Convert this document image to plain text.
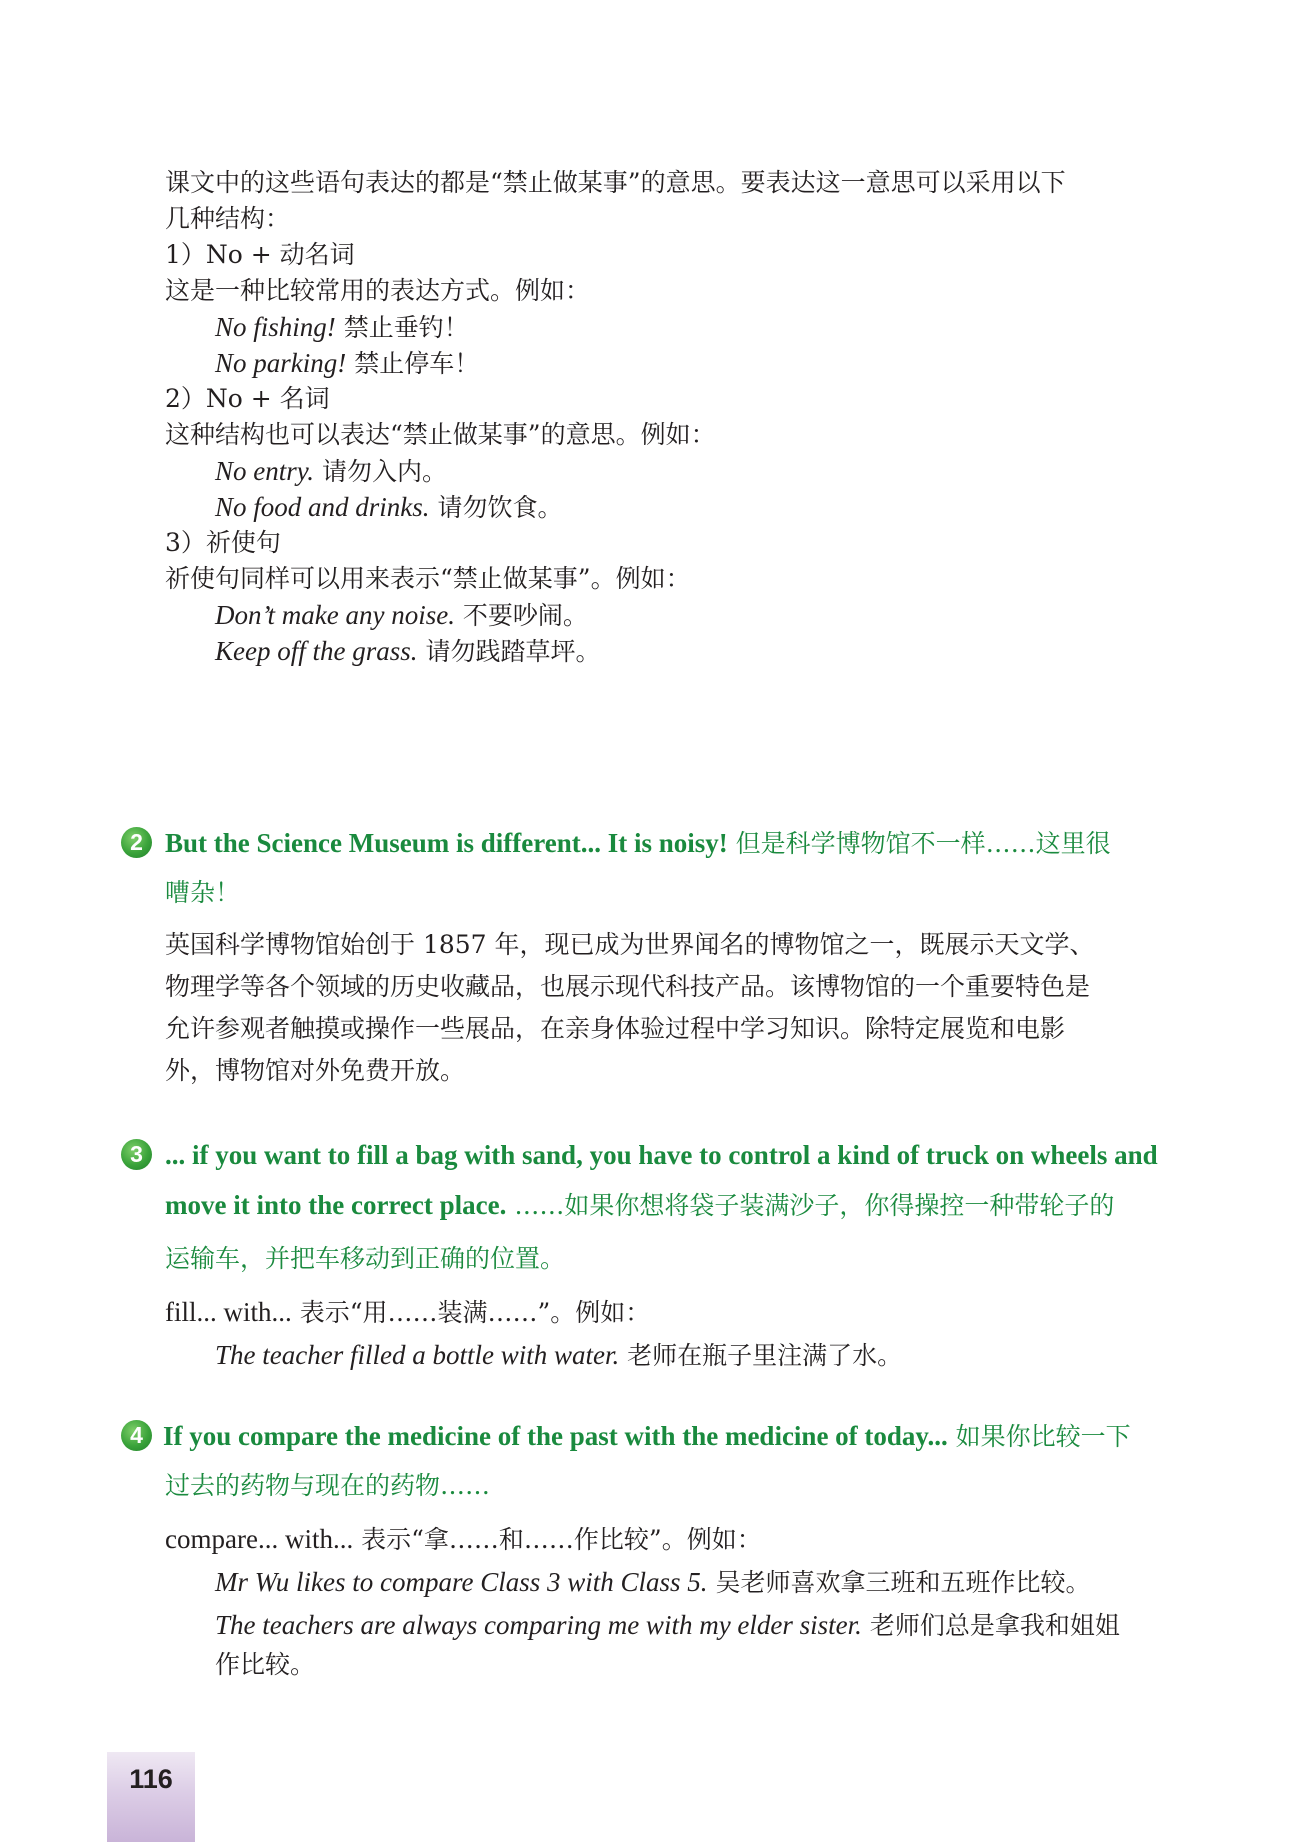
课文中的这些语句表达的都是“禁止做某事”的意思。要表达这一意思可以采用以下
几种结构：
1）No + 动名词
这是一种比较常用的表达方式。例如：
No fishing! 禁止垂钓！
No parking! 禁止停车！
2）No + 名词
这种结构也可以表达“禁止做某事”的意思。例如：
No entry. 请勿入内。
No food and drinks. 请勿饮食。
3）祈使句
祈使句同样可以用来表示“禁止做某事”。例如：
Don’t make any noise. 不要吵闹。
Keep off the grass. 请勿践踏草坪。
2 But the Science Museum is different... It is noisy! 但是科学博物馆不一样……这里很
嘈杂！
英国科学博物馆始创于 1857 年，现已成为世界闻名的博物馆之一，既展示天文学、
物理学等各个领域的历史收藏品，也展示现代科技产品。该博物馆的一个重要特色是
允许参观者触摸或操作一些展品，在亲身体验过程中学习知识。除特定展览和电影
外，博物馆对外免费开放。
3 ... if you want to fill a bag with sand, you have to control a kind of truck on wheels and
move it into the correct place. ……如果你想将袋子装满沙子，你得操控一种带轮子的
运输车，并把车移动到正确的位置。
fill... with... 表示“用……装满……”。例如：
The teacher filled a bottle with water. 老师在瓶子里注满了水。
4 If you compare the medicine of the past with the medicine of today... 如果你比较一下
过去的药物与现在的药物……
compare... with... 表示“拿……和……作比较”。例如：
Mr Wu likes to compare Class 3 with Class 5. 吴老师喜欢拿三班和五班作比较。
The teachers are always comparing me with my elder sister. 老师们总是拿我和姐姐
作比较。
116
